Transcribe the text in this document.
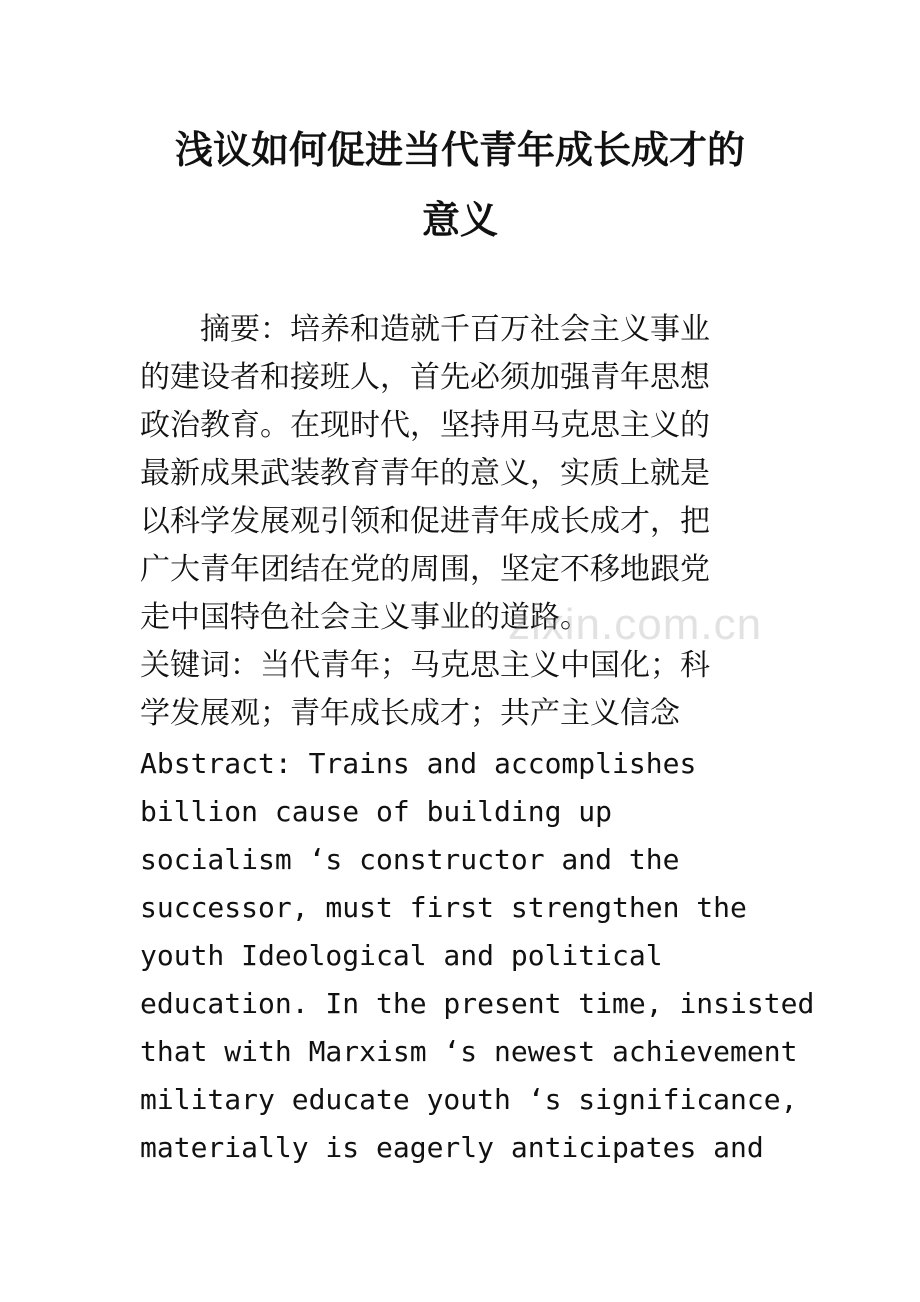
浅议如何促进当代青年成长成才的
意义
　　摘要：培养和造就千百万社会主义事业
的建设者和接班人，首先必须加强青年思想
政治教育。在现时代，坚持用马克思主义的
最新成果武装教育青年的意义，实质上就是
以科学发展观引领和促进青年成长成才，把
广大青年团结在党的周围，坚定不移地跟党
走中国特色社会主义事业的道路。
关键词：当代青年；马克思主义中国化；科
学发展观；青年成长成才；共产主义信念
Abstract: Trains and accomplishes
billion cause of building up
socialism ‘s constructor and the
successor, must first strengthen the
youth Ideological and political
education. In the present time, insisted
that with Marxism ‘s newest achievement
military educate youth ‘s significance,
materially is eagerly anticipates and
zixin.com.cn
